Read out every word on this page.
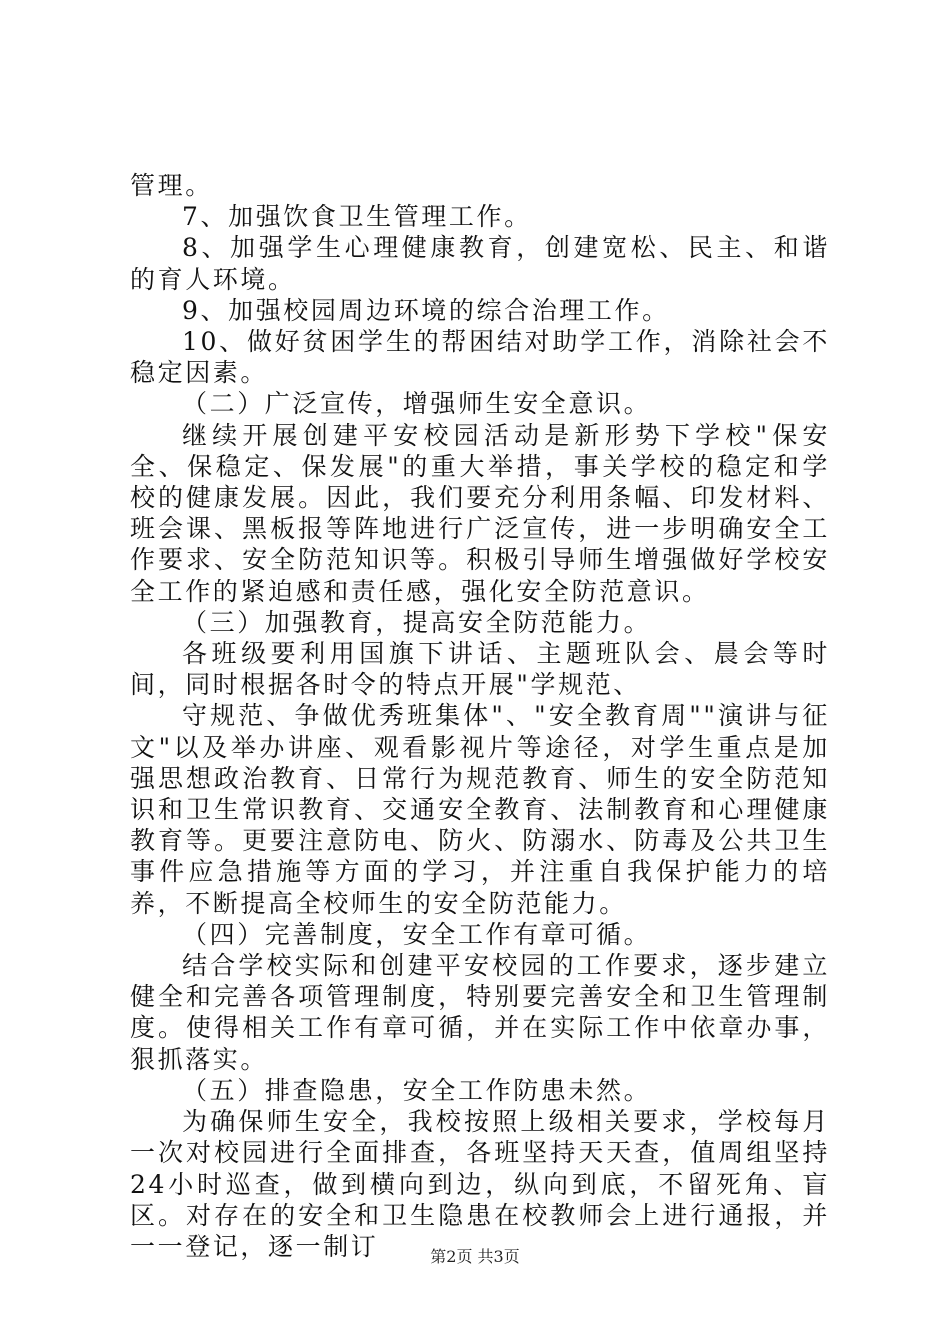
管理。

7、加强饮食卫生管理工作。

8、加强学生心理健康教育，创建宽松、民主、和谐的育人环境。

9、加强校园周边环境的综合治理工作。

10、做好贫困学生的帮困结对助学工作，消除社会不稳定因素。

（二）广泛宣传，增强师生安全意识。

继续开展创建平安校园活动是新形势下学校"保安全、保稳定、保发展"的重大举措，事关学校的稳定和学校的健康发展。因此，我们要充分利用条幅、印发材料、班会课、黑板报等阵地进行广泛宣传，进一步明确安全工作要求、安全防范知识等。积极引导师生增强做好学校安全工作的紧迫感和责任感，强化安全防范意识。

（三）加强教育，提高安全防范能力。

各班级要利用国旗下讲话、主题班队会、晨会等时间，同时根据各时令的特点开展"学规范、

守规范、争做优秀班集体"、"安全教育周""演讲与征文"以及举办讲座、观看影视片等途径，对学生重点是加强思想政治教育、日常行为规范教育、师生的安全防范知识和卫生常识教育、交通安全教育、法制教育和心理健康教育等。更要注意防电、防火、防溺水、防毒及公共卫生事件应急措施等方面的学习，并注重自我保护能力的培养，不断提高全校师生的安全防范能力。

（四）完善制度，安全工作有章可循。

结合学校实际和创建平安校园的工作要求，逐步建立健全和完善各项管理制度，特别要完善安全和卫生管理制度。使得相关工作有章可循，并在实际工作中依章办事，狠抓落实。

（五）排查隐患，安全工作防患未然。

为确保师生安全，我校按照上级相关要求，学校每月一次对校园进行全面排查，各班坚持天天查，值周组坚持24小时巡查，做到横向到边，纵向到底，不留死角、盲区。对存在的安全和卫生隐患在校教师会上进行通报，并一一登记，逐一制订	第2页 共3页
